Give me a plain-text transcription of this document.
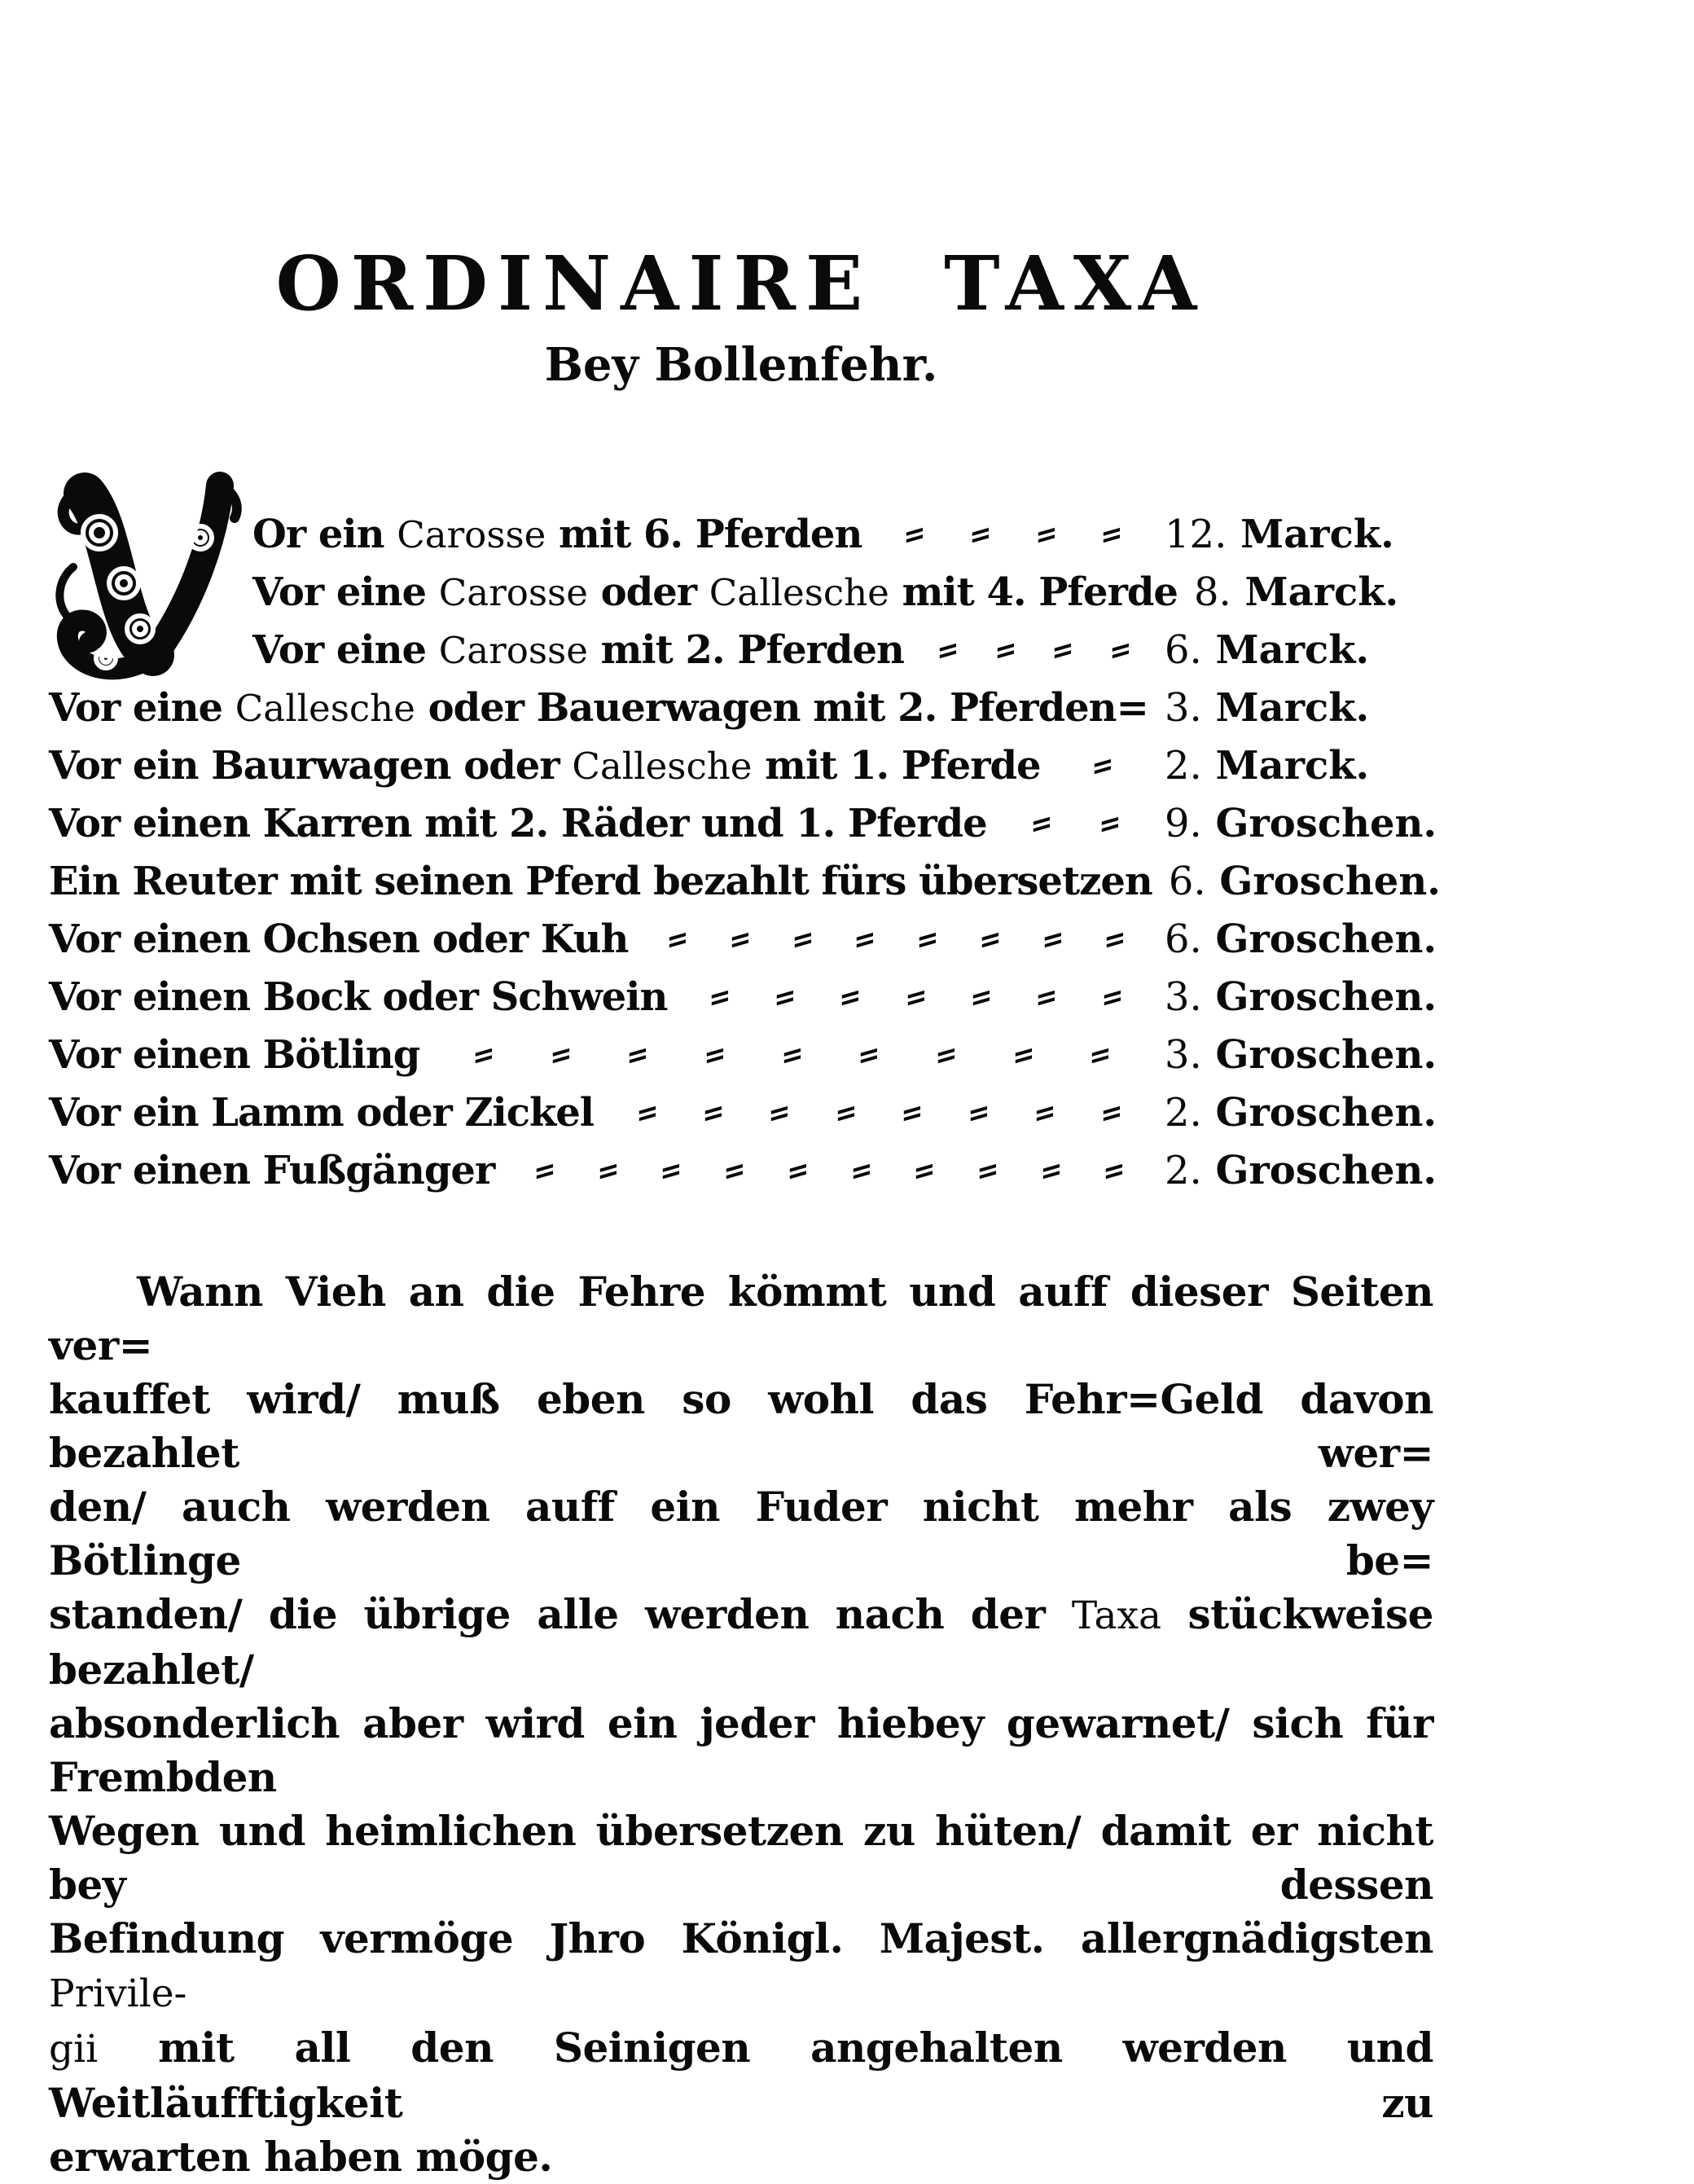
ORDINAIRE TAXA
Bey Bollenfehr.
Or ein Carosse mit 6. Pferden = = = = 12. Marck.
Vor eine Carosse oder Callesche mit 4. Pferde 8. Marck.
Vor eine Carosse mit 2. Pferden = = = = 6. Marck.
Vor eine Callesche oder Bauerwagen mit 2. Pferden= 3. Marck.
Vor ein Baurwagen oder Callesche mit 1. Pferde = 2. Marck.
Vor einen Karren mit 2. Räder und 1. Pferde = = 9. Groschen.
Ein Reuter mit seinen Pferd bezahlt fürs übersetzen 6. Groschen.
Vor einen Ochsen oder Kuh = = = = = = = = 6. Groschen.
Vor einen Bock oder Schwein = = = = = = = 3. Groschen.
Vor einen Bötling = = = = = = = = = 3. Groschen.
Vor ein Lamm oder Zickel = = = = = = = = 2. Groschen.
Vor einen Fußgänger = = = = = = = = = = 2. Groschen.
Wann Vieh an die Fehre kömmt und auff dieser Seiten ver=
kauffet wird/ muß eben so wohl das Fehr=Geld davon bezahlet wer=
den/ auch werden auff ein Fuder nicht mehr als zwey Bötlinge be=
standen/ die übrige alle werden nach der Taxa stückweise bezahlet/
absonderlich aber wird ein jeder hiebey gewarnet/ sich für Frembden
Wegen und heimlichen übersetzen zu hüten/ damit er nicht bey dessen
Befindung vermöge Jhro Königl. Majest. allergnädigsten Privile-
gii mit all den Seinigen angehalten werden und Weitläufftigkeit zu
erwarten haben möge.
